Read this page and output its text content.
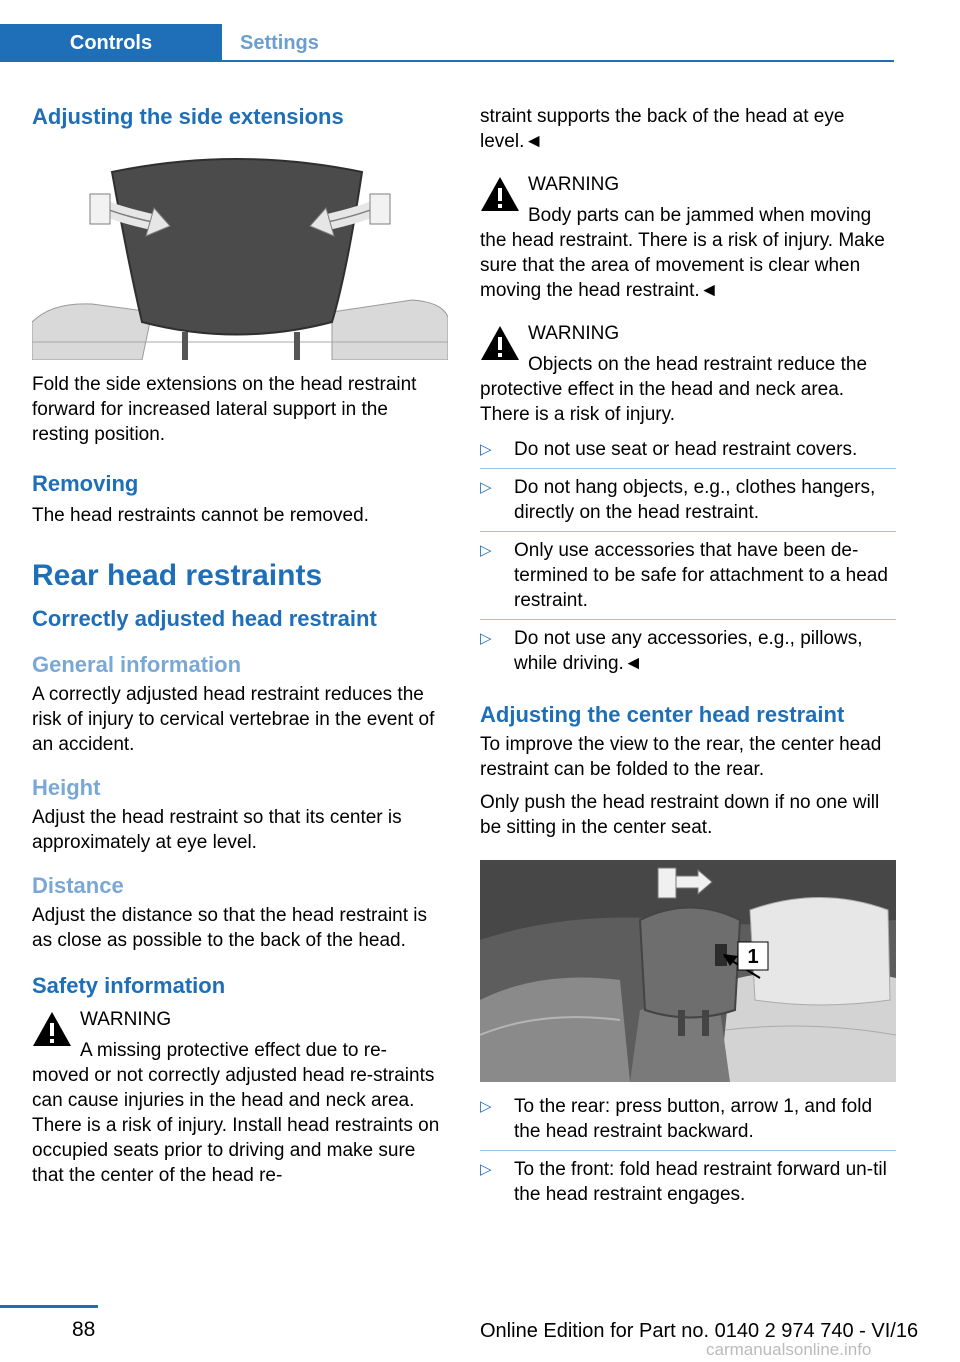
Controls	Settings
Adjusting the side extensions

Fold the side extensions on the head restraint forward for increased lateral support in the resting position.

Removing

The head restraints cannot be removed.

Rear head restraints
Correctly adjusted head restraint
General information

A correctly adjusted head restraint reduces the risk of injury to cervical vertebrae in the event of an accident.

Height

Adjust the head restraint so that its center is approximately at eye level.

Distance

Adjust the distance so that the head restraint is as close as possible to the back of the head.

Safety information

WARNING

A missing protective effect due to re-

moved or not correctly adjusted head re-straints can cause injuries in the head and neck area. There is a risk of injury. Install head restraints on occupied seats prior to driving and make sure that the center of the head re-

straint supports the back of the head at eye level.◄

WARNING

Body parts can be jammed when moving

the head restraint. There is a risk of injury. Make sure that the area of movement is clear when moving the head restraint.◄

WARNING

Objects on the head restraint reduce the

protective effect in the head and neck area. There is a risk of injury.

▷ Do not use seat or head restraint covers.
▷ Do not hang objects, e.g., clothes hangers, directly on the head restraint.
▷ Only use accessories that have been de-termined to be safe for attachment to a head restraint.
▷ Do not use any accessories, e.g., pillows, while driving.◄
Adjusting the center head restraint

To improve the view to the rear, the center head restraint can be folded to the rear.

Only push the head restraint down if no one will be sitting in the center seat.

1
▷ To the rear: press button, arrow 1, and fold the head restraint backward.
▷ To the front: fold head restraint forward un-til the head restraint engages.
88	Online Edition for Part no. 0140 2 974 740 - VI/16
carmanualsonline.info
